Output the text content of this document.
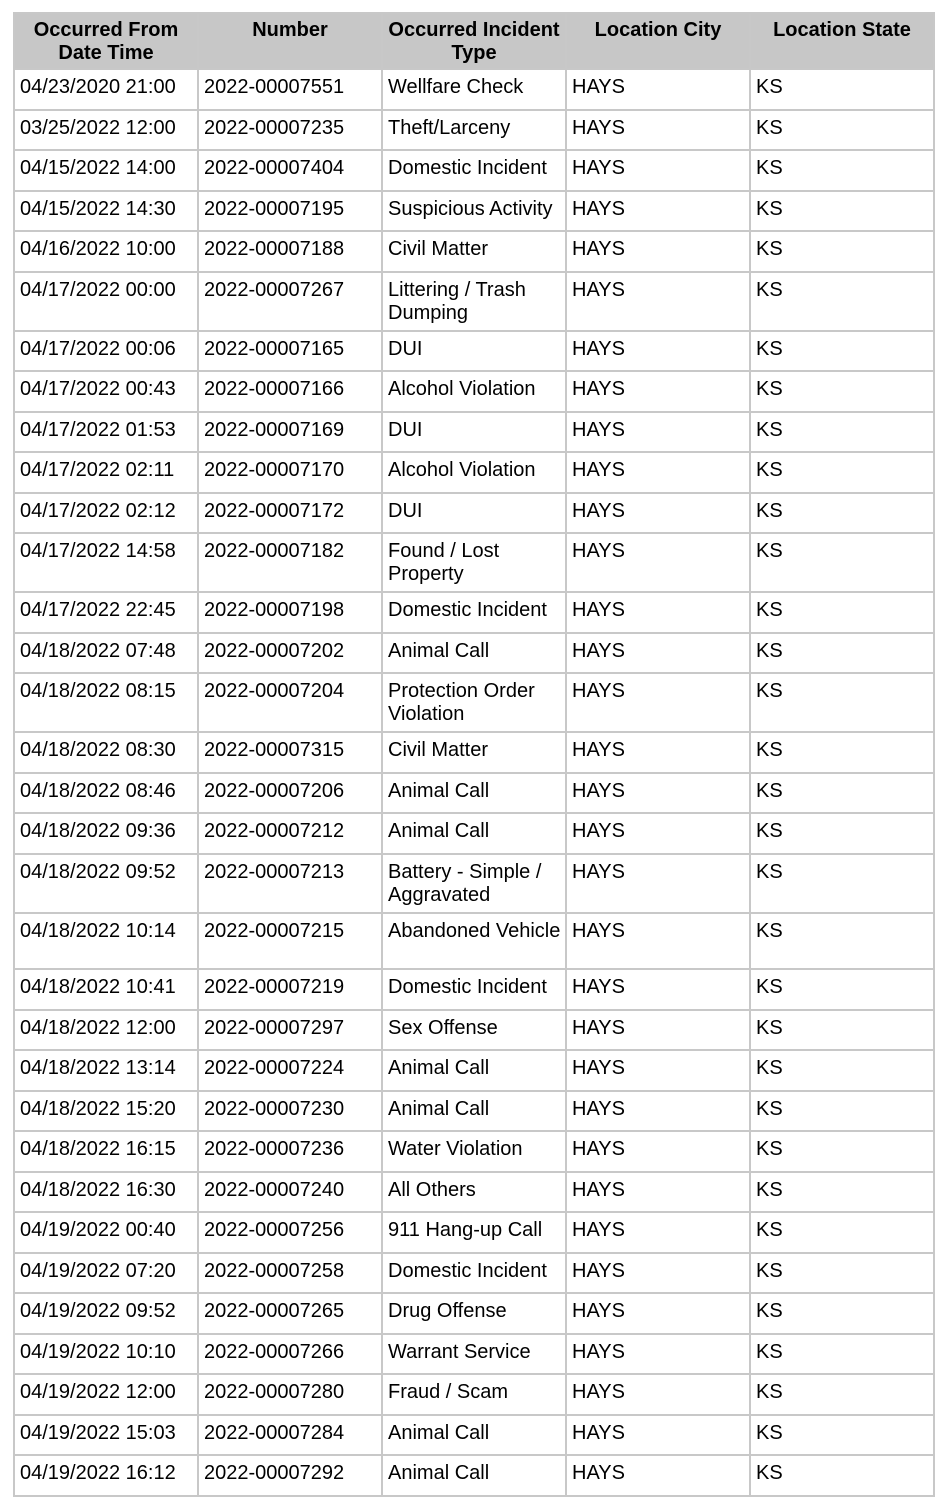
Occurred From Date Time	Number	Occurred Incident Type	Location City	Location State
04/23/2020 21:00	2022-00007551	Wellfare Check	HAYS	KS
03/25/2022 12:00	2022-00007235	Theft/Larceny	HAYS	KS
04/15/2022 14:00	2022-00007404	Domestic Incident	HAYS	KS
04/15/2022 14:30	2022-00007195	Suspicious Activity	HAYS	KS
04/16/2022 10:00	2022-00007188	Civil Matter	HAYS	KS
04/17/2022 00:00	2022-00007267	Littering / Trash Dumping	HAYS	KS
04/17/2022 00:06	2022-00007165	DUI	HAYS	KS
04/17/2022 00:43	2022-00007166	Alcohol Violation	HAYS	KS
04/17/2022 01:53	2022-00007169	DUI	HAYS	KS
04/17/2022 02:11	2022-00007170	Alcohol Violation	HAYS	KS
04/17/2022 02:12	2022-00007172	DUI	HAYS	KS
04/17/2022 14:58	2022-00007182	Found / Lost Property	HAYS	KS
04/17/2022 22:45	2022-00007198	Domestic Incident	HAYS	KS
04/18/2022 07:48	2022-00007202	Animal Call	HAYS	KS
04/18/2022 08:15	2022-00007204	Protection Order Violation	HAYS	KS
04/18/2022 08:30	2022-00007315	Civil Matter	HAYS	KS
04/18/2022 08:46	2022-00007206	Animal Call	HAYS	KS
04/18/2022 09:36	2022-00007212	Animal Call	HAYS	KS
04/18/2022 09:52	2022-00007213	Battery - Simple / Aggravated	HAYS	KS
04/18/2022 10:14	2022-00007215	Abandoned Vehicle	HAYS	KS
04/18/2022 10:41	2022-00007219	Domestic Incident	HAYS	KS
04/18/2022 12:00	2022-00007297	Sex Offense	HAYS	KS
04/18/2022 13:14	2022-00007224	Animal Call	HAYS	KS
04/18/2022 15:20	2022-00007230	Animal Call	HAYS	KS
04/18/2022 16:15	2022-00007236	Water Violation	HAYS	KS
04/18/2022 16:30	2022-00007240	All Others	HAYS	KS
04/19/2022 00:40	2022-00007256	911 Hang-up Call	HAYS	KS
04/19/2022 07:20	2022-00007258	Domestic Incident	HAYS	KS
04/19/2022 09:52	2022-00007265	Drug Offense	HAYS	KS
04/19/2022 10:10	2022-00007266	Warrant Service	HAYS	KS
04/19/2022 12:00	2022-00007280	Fraud / Scam	HAYS	KS
04/19/2022 15:03	2022-00007284	Animal Call	HAYS	KS
04/19/2022 16:12	2022-00007292	Animal Call	HAYS	KS
